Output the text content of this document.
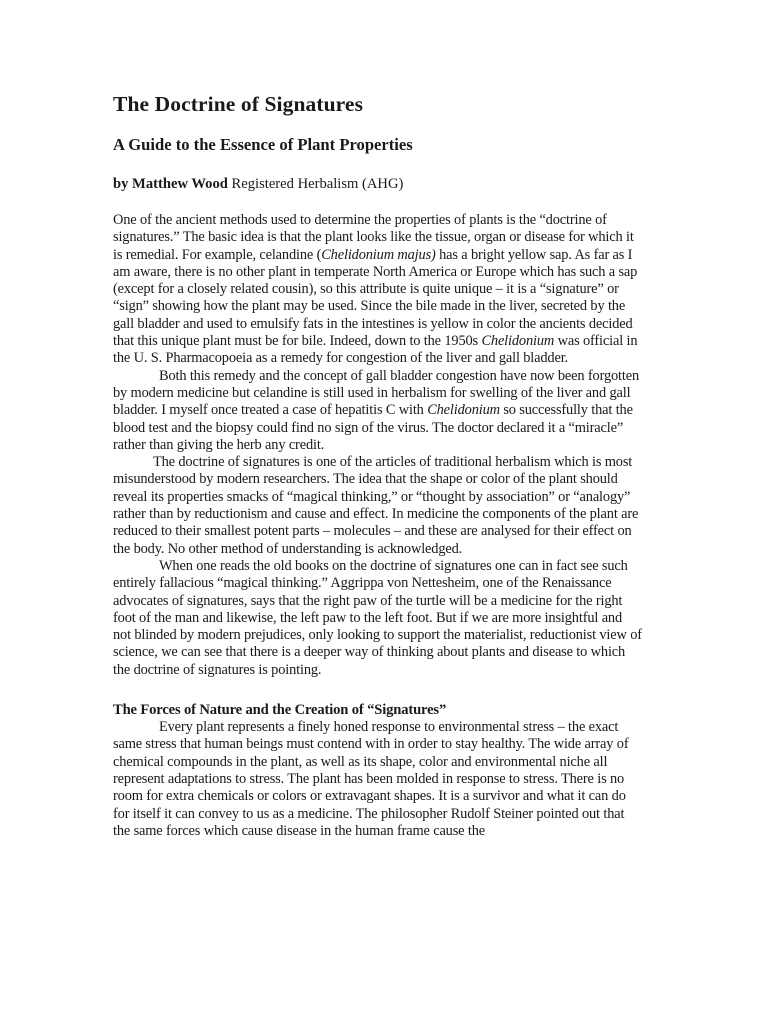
The Doctrine of Signatures
A Guide to the Essence of Plant Properties
by Matthew Wood Registered Herbalism (AHG)

One of the ancient methods used to determine the properties of plants is the “doctrine of signatures.” The basic idea is that the plant looks like the tissue, organ or disease for which it is remedial. For example, celandine (Chelidonium majus) has a bright yellow sap. As far as I am aware, there is no other plant in temperate North America or Europe which has such a sap (except for a closely related cousin), so this attribute is quite unique – it is a “signature” or “sign” showing how the plant may be used. Since the bile made in the liver, secreted by the gall bladder and used to emulsify fats in the intestines is yellow in color the ancients decided that this unique plant must be for bile. Indeed, down to the 1950s Chelidonium was official in the U. S. Pharmacopoeia as a remedy for congestion of the liver and gall bladder.

Both this remedy and the concept of gall bladder congestion have now been forgotten by modern medicine but celandine is still used in herbalism for swelling of the liver and gall bladder. I myself once treated a case of hepatitis C with Chelidonium so successfully that the blood test and the biopsy could find no sign of the virus. The doctor declared it a “miracle” rather than giving the herb any credit.

The doctrine of signatures is one of the articles of traditional herbalism which is most misunderstood by modern researchers. The idea that the shape or color of the plant should reveal its properties smacks of “magical thinking,” or “thought by association” or “analogy” rather than by reductionism and cause and effect. In medicine the components of the plant are reduced to their smallest potent parts – molecules – and these are analysed for their effect on the body. No other method of understanding is acknowledged.

When one reads the old books on the doctrine of signatures one can in fact see such entirely fallacious “magical thinking.” Aggrippa von Nettesheim, one of the Renaissance advocates of signatures, says that the right paw of the turtle will be a medicine for the right foot of the man and likewise, the left paw to the left foot. But if we are more insightful and not blinded by modern prejudices, only looking to support the materialist, reductionist view of science, we can see that there is a deeper way of thinking about plants and disease to which the doctrine of signatures is pointing.

The Forces of Nature and the Creation of “Signatures”

Every plant represents a finely honed response to environmental stress – the exact same stress that human beings must contend with in order to stay healthy. The wide array of chemical compounds in the plant, as well as its shape, color and environmental niche all represent adaptations to stress. The plant has been molded in response to stress. There is no room for extra chemicals or colors or extravagant shapes. It is a survivor and what it can do for itself it can convey to us as a medicine. The philosopher Rudolf Steiner pointed out that the same forces which cause disease in the human frame cause the
